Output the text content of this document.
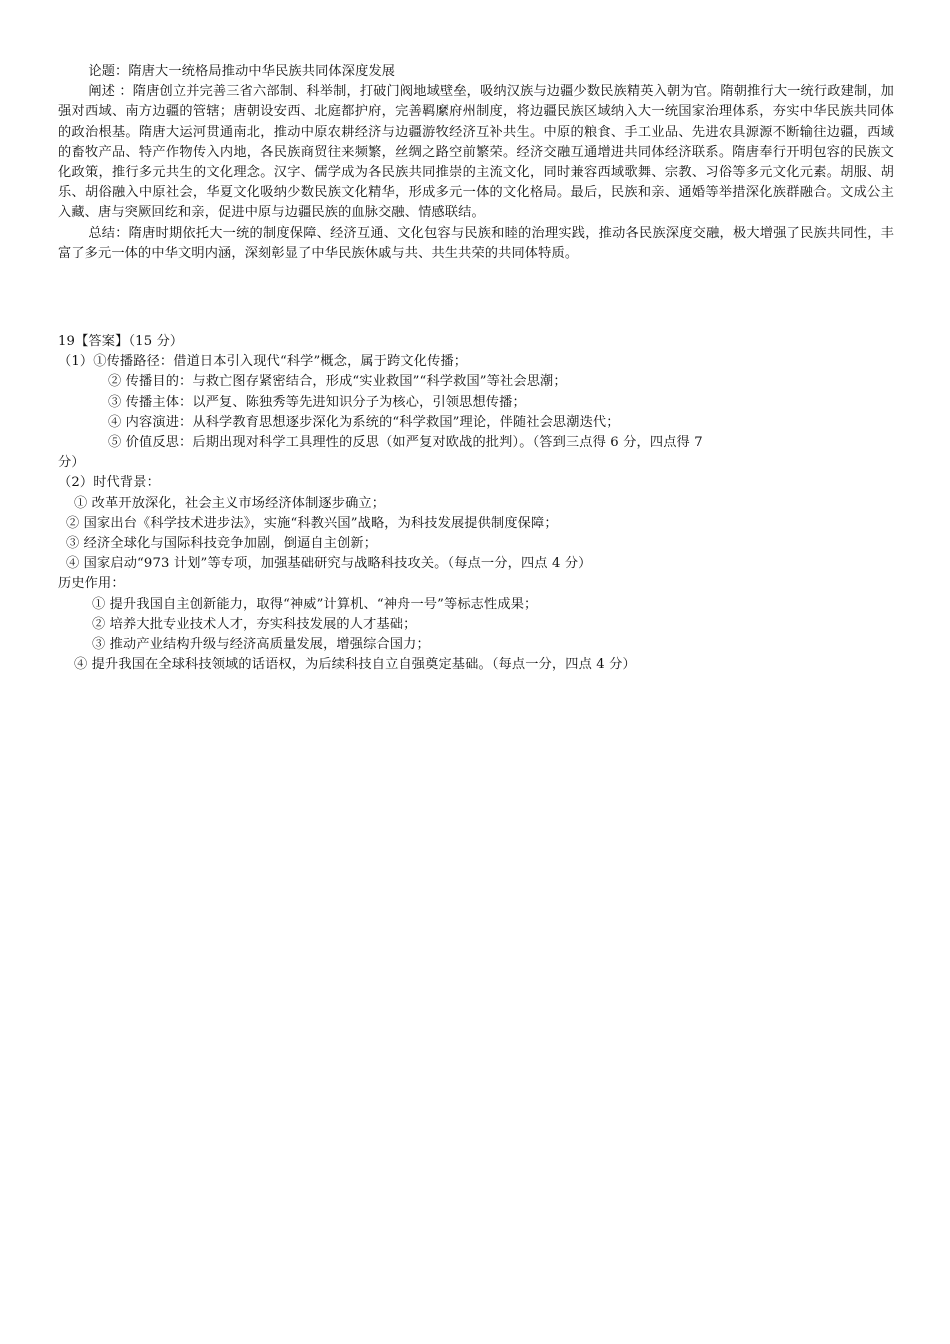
论题：隋唐大一统格局推动中华民族共同体深度发展

阐述 ：隋唐创立并完善三省六部制、科举制，打破门阀地域壁垒，吸纳汉族与边疆少数民族精英入朝为官。隋朝推行大一统行政建制，加强对西域、南方边疆的管辖；唐朝设安西、北庭都护府，完善羁縻府州制度，将边疆民族区域纳入大一统国家治理体系，夯实中华民族共同体的政治根基。隋唐大运河贯通南北，推动中原农耕经济与边疆游牧经济互补共生。中原的粮食、手工业品、先进农具源源不断输往边疆，西域的畜牧产品、特产作物传入内地，各民族商贸往来频繁，丝绸之路空前繁荣。经济交融互通增进共同体经济联系。隋唐奉行开明包容的民族文化政策，推行多元共生的文化理念。汉字、儒学成为各民族共同推崇的主流文化，同时兼容西域歌舞、宗教、习俗等多元文化元素。胡服、胡乐、胡俗融入中原社会，华夏文化吸纳少数民族文化精华，形成多元一体的文化格局。最后，民族和亲、通婚等举措深化族群融合。文成公主入藏、唐与突厥回纥和亲，促进中原与边疆民族的血脉交融、情感联结。

总结：隋唐时期依托大一统的制度保障、经济互通、文化包容与民族和睦的治理实践，推动各民族深度交融，极大增强了民族共同性，丰富了多元一体的中华文明内涵，深刻彰显了中华民族休戚与共、共生共荣的共同体特质。

19【答案】（15 分）
（1）①传播路径：借道日本引入现代“科学”概念，属于跨文化传播；
② 传播目的：与救亡图存紧密结合，形成“实业救国”“科学救国”等社会思潮；
③ 传播主体：以严复、陈独秀等先进知识分子为核心，引领思想传播；
④ 内容演进：从科学教育思想逐步深化为系统的“科学救国”理论，伴随社会思潮迭代；
⑤ 价值反思：后期出现对科学工具理性的反思（如严复对欧战的批判）。（答到三点得 6 分，四点得 7
分）
（2）时代背景：
① 改革开放深化，社会主义市场经济体制逐步确立；
② 国家出台《科学技术进步法》，实施“科教兴国”战略，为科技发展提供制度保障；
③ 经济全球化与国际科技竞争加剧，倒逼自主创新；
④ 国家启动“973 计划”等专项，加强基础研究与战略科技攻关。（每点一分，四点 4 分）
历史作用：
① 提升我国自主创新能力，取得“神威”计算机、“神舟一号”等标志性成果；
② 培养大批专业技术人才，夯实科技发展的人才基础；
③ 推动产业结构升级与经济高质量发展，增强综合国力；
④ 提升我国在全球科技领域的话语权，为后续科技自立自强奠定基础。（每点一分，四点 4 分）
